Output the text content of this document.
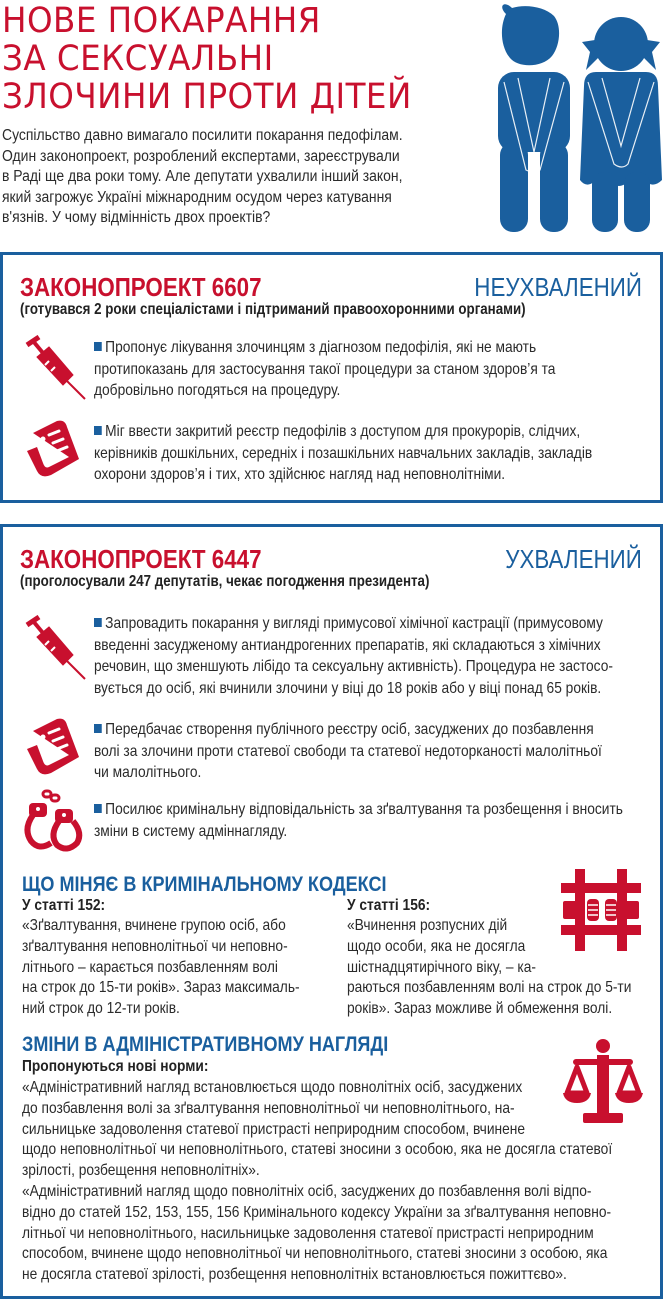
НОВЕ ПОКАРАННЯ
ЗА СЕКСУАЛЬНІ
ЗЛОЧИНИ ПРОТИ ДІТЕЙ
Суспільство давно вимагало посилити покарання педофілам.
Один законопроект, розроблений експертами, зареєстрували
в Раді ще два роки тому. Але депутати ухвалили інший закон,
який загрожує Україні міжнародним осудом через катування
в'язнів. У чому відмінність двох проектів?
ЗАКОНОПРОЕКТ 6607	НЕУХВАЛЕНИЙ
(готувався 2 роки спеціалістами і підтриманий правоохоронними органами)
Пропонує лікування злочинцям з діагнозом педофілія, які не мають
протипоказань для застосування такої процедури за станом здоров’я та
добровільно погодяться на процедуру.
Міг ввести закритий реєстр педофілів з доступом для прокурорів, слідчих,
керівників дошкільних, середніх і позашкільних навчальних закладів, закладів
охорони здоров’я і тих, хто здійснює нагляд над неповнолітніми.
ЗАКОНОПРОЕКТ 6447	УХВАЛЕНИЙ
(проголосували 247 депутатів, чекає погодження президента)
Запровадить покарання у вигляді примусової хімічної кастрації (примусовому
введенні засудженому антиандрогенних препаратів, які складаються з хімічних
речовин, що зменшують лібідо та сексуальну активність). Процедура не застосо-
вується до осіб, які вчинили злочини у віці до 18 років або у віці понад 65 років.
Передбачає створення публічного реєстру осіб, засуджених до позбавлення
волі за злочини проти статевої свободи та статевої недоторканості малолітньої
чи малолітнього.
Посилює кримінальну відповідальність за зґвалтування та розбещення і вносить
зміни в систему адміннагляду.
ЩО МІНЯЄ В КРИМІНАЛЬНОМУ КОДЕКСІ
У статті 152:
«Зґвалтування, вчинене групою осіб, або
зґвалтування неповнолітньої чи неповно-
літнього – карається позбавленням волі
на строк до 15-ти років». Зараз максималь-
ний строк до 12-ти років.
У статті 156:
«Вчинення розпусних дій
щодо особи, яка не досягла
шістнадцятирічного віку, – ка-
раються позбавленням волі на строк до 5-ти
років». Зараз можливе й обмеження волі.
ЗМІНИ В АДМІНІСТРАТИВНОМУ НАГЛЯДІ
Пропонуються нові норми:
«Адміністративний нагляд встановлюється щодо повнолітніх осіб, засуджених
до позбавлення волі за зґвалтування неповнолітньої чи неповнолітнього, на-
сильницьке задоволення статевої пристрасті неприродним способом, вчинене
щодо неповнолітньої чи неповнолітнього, статеві зносини з особою, яка не досягла статевої
зрілості, розбещення неповнолітніх».
«Адміністративний нагляд щодо повнолітніх осіб, засуджених до позбавлення волі відпо-
відно до статей 152, 153, 155, 156 Кримінального кодексу України за зґвалтування неповно-
літньої чи неповнолітнього, насильницьке задоволення статевої пристрасті неприродним
способом, вчинене щодо неповнолітньої чи неповнолітнього, статеві зносини з особою, яка
не досягла статевої зрілості, розбещення неповнолітніх встановлюється пожиттєво».
